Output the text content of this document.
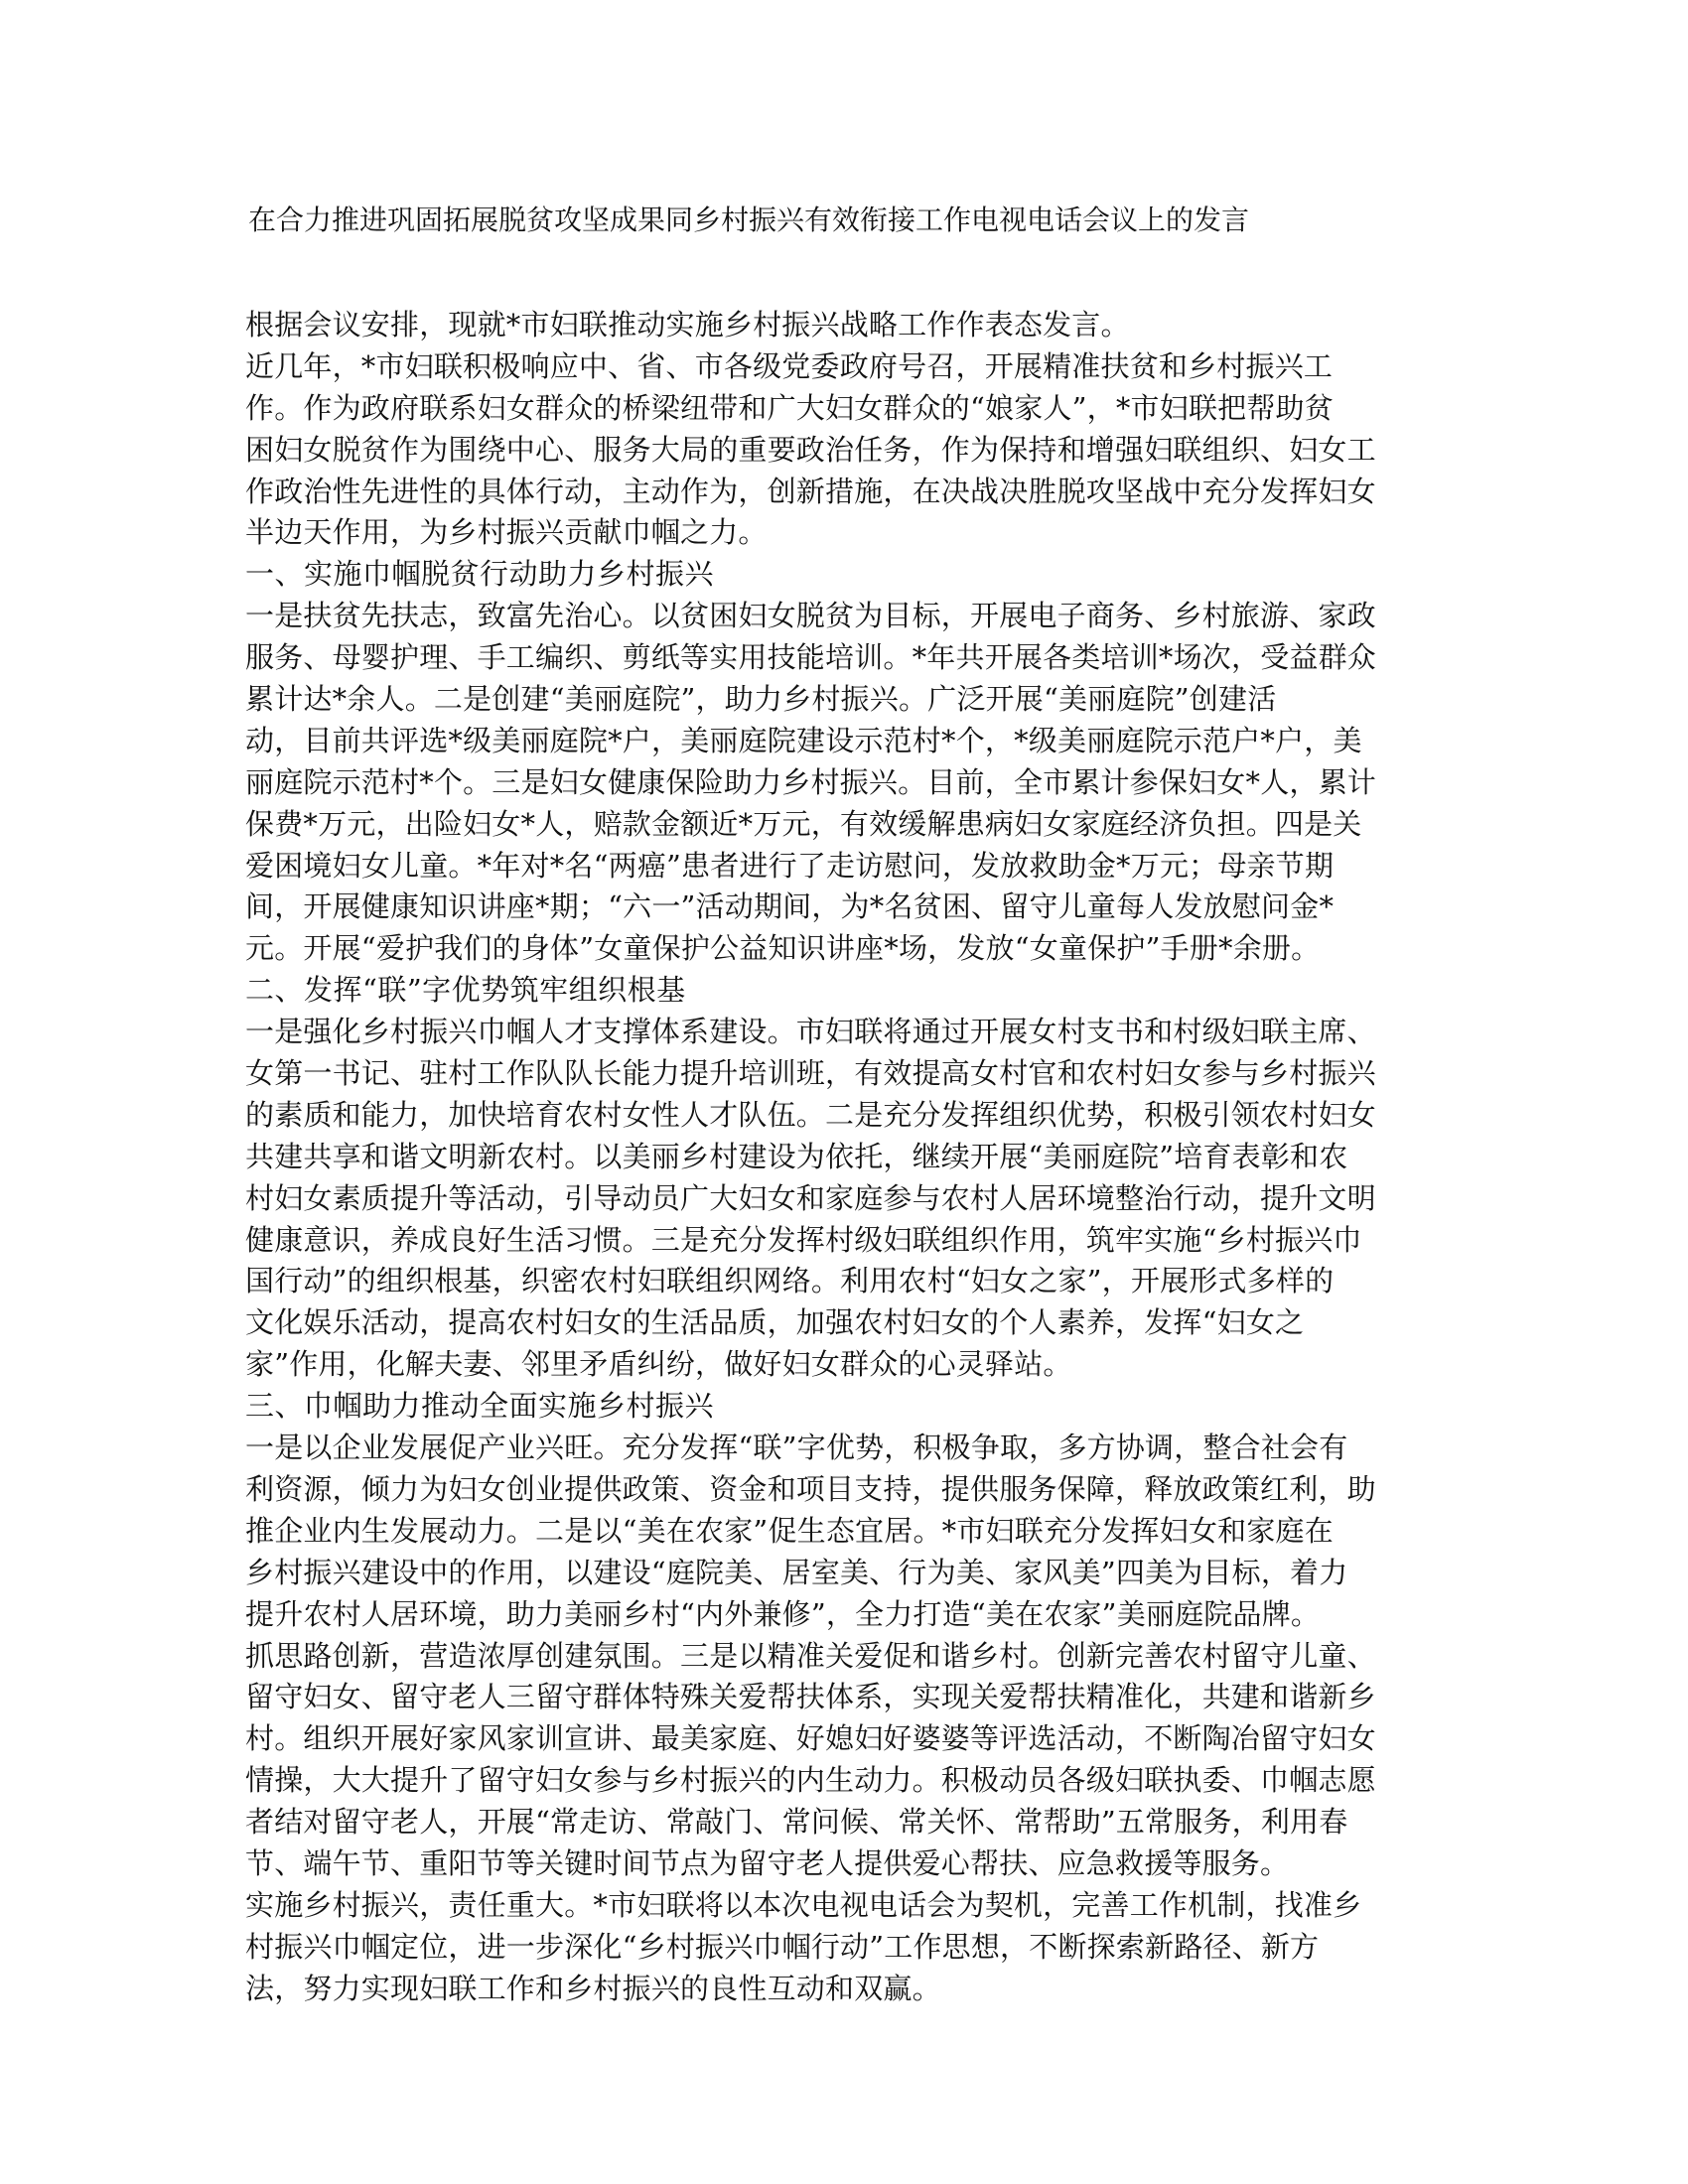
在合力推进巩固拓展脱贫攻坚成果同乡村振兴有效衔接工作电视电话会议上的发言
根据会议安排，现就*市妇联推动实施乡村振兴战略工作作表态发言。
近几年，*市妇联积极响应中、省、市各级党委政府号召，开展精准扶贫和乡村振兴工
作。作为政府联系妇女群众的桥梁纽带和广大妇女群众的“娘家人”，*市妇联把帮助贫
困妇女脱贫作为围绕中心、服务大局的重要政治任务，作为保持和增强妇联组织、妇女工
作政治性先进性的具体行动，主动作为，创新措施，在决战决胜脱攻坚战中充分发挥妇女
半边天作用，为乡村振兴贡献巾帼之力。
一、实施巾帼脱贫行动助力乡村振兴
一是扶贫先扶志，致富先治心。以贫困妇女脱贫为目标，开展电子商务、乡村旅游、家政
服务、母婴护理、手工编织、剪纸等实用技能培训。*年共开展各类培训*场次，受益群众
累计达*余人。二是创建“美丽庭院”，助力乡村振兴。广泛开展“美丽庭院”创建活
动，目前共评选*级美丽庭院*户，美丽庭院建设示范村*个，*级美丽庭院示范户*户，美
丽庭院示范村*个。三是妇女健康保险助力乡村振兴。目前，全市累计参保妇女*人，累计
保费*万元，出险妇女*人，赔款金额近*万元，有效缓解患病妇女家庭经济负担。四是关
爱困境妇女儿童。*年对*名“两癌”患者进行了走访慰问，发放救助金*万元；母亲节期
间，开展健康知识讲座*期；“六一”活动期间，为*名贫困、留守儿童每人发放慰问金*
元。开展“爱护我们的身体”女童保护公益知识讲座*场，发放“女童保护”手册*余册。
二、发挥“联”字优势筑牢组织根基
一是强化乡村振兴巾帼人才支撑体系建设。市妇联将通过开展女村支书和村级妇联主席、
女第一书记、驻村工作队队长能力提升培训班，有效提高女村官和农村妇女参与乡村振兴
的素质和能力，加快培育农村女性人才队伍。二是充分发挥组织优势，积极引领农村妇女
共建共享和谐文明新农村。以美丽乡村建设为依托，继续开展“美丽庭院”培育表彰和农
村妇女素质提升等活动，引导动员广大妇女和家庭参与农村人居环境整治行动，提升文明
健康意识，养成良好生活习惯。三是充分发挥村级妇联组织作用，筑牢实施“乡村振兴巾
国行动”的组织根基，织密农村妇联组织网络。利用农村“妇女之家”，开展形式多样的
文化娱乐活动，提高农村妇女的生活品质，加强农村妇女的个人素养，发挥“妇女之
家”作用，化解夫妻、邻里矛盾纠纷，做好妇女群众的心灵驿站。
三、巾帼助力推动全面实施乡村振兴
一是以企业发展促产业兴旺。充分发挥“联”字优势，积极争取，多方协调，整合社会有
利资源，倾力为妇女创业提供政策、资金和项目支持，提供服务保障，释放政策红利，助
推企业内生发展动力。二是以“美在农家”促生态宜居。*市妇联充分发挥妇女和家庭在
乡村振兴建设中的作用，以建设“庭院美、居室美、行为美、家风美”四美为目标，着力
提升农村人居环境，助力美丽乡村“内外兼修”，全力打造“美在农家”美丽庭院品牌。
抓思路创新，营造浓厚创建氛围。三是以精准关爱促和谐乡村。创新完善农村留守儿童、
留守妇女、留守老人三留守群体特殊关爱帮扶体系，实现关爱帮扶精准化，共建和谐新乡
村。组织开展好家风家训宣讲、最美家庭、好媳妇好婆婆等评选活动，不断陶冶留守妇女
情操，大大提升了留守妇女参与乡村振兴的内生动力。积极动员各级妇联执委、巾帼志愿
者结对留守老人，开展“常走访、常敲门、常问候、常关怀、常帮助”五常服务，利用春
节、端午节、重阳节等关键时间节点为留守老人提供爱心帮扶、应急救援等服务。
实施乡村振兴，责任重大。*市妇联将以本次电视电话会为契机，完善工作机制，找准乡
村振兴巾帼定位，进一步深化“乡村振兴巾帼行动”工作思想，不断探索新路径、新方
法，努力实现妇联工作和乡村振兴的良性互动和双赢。
